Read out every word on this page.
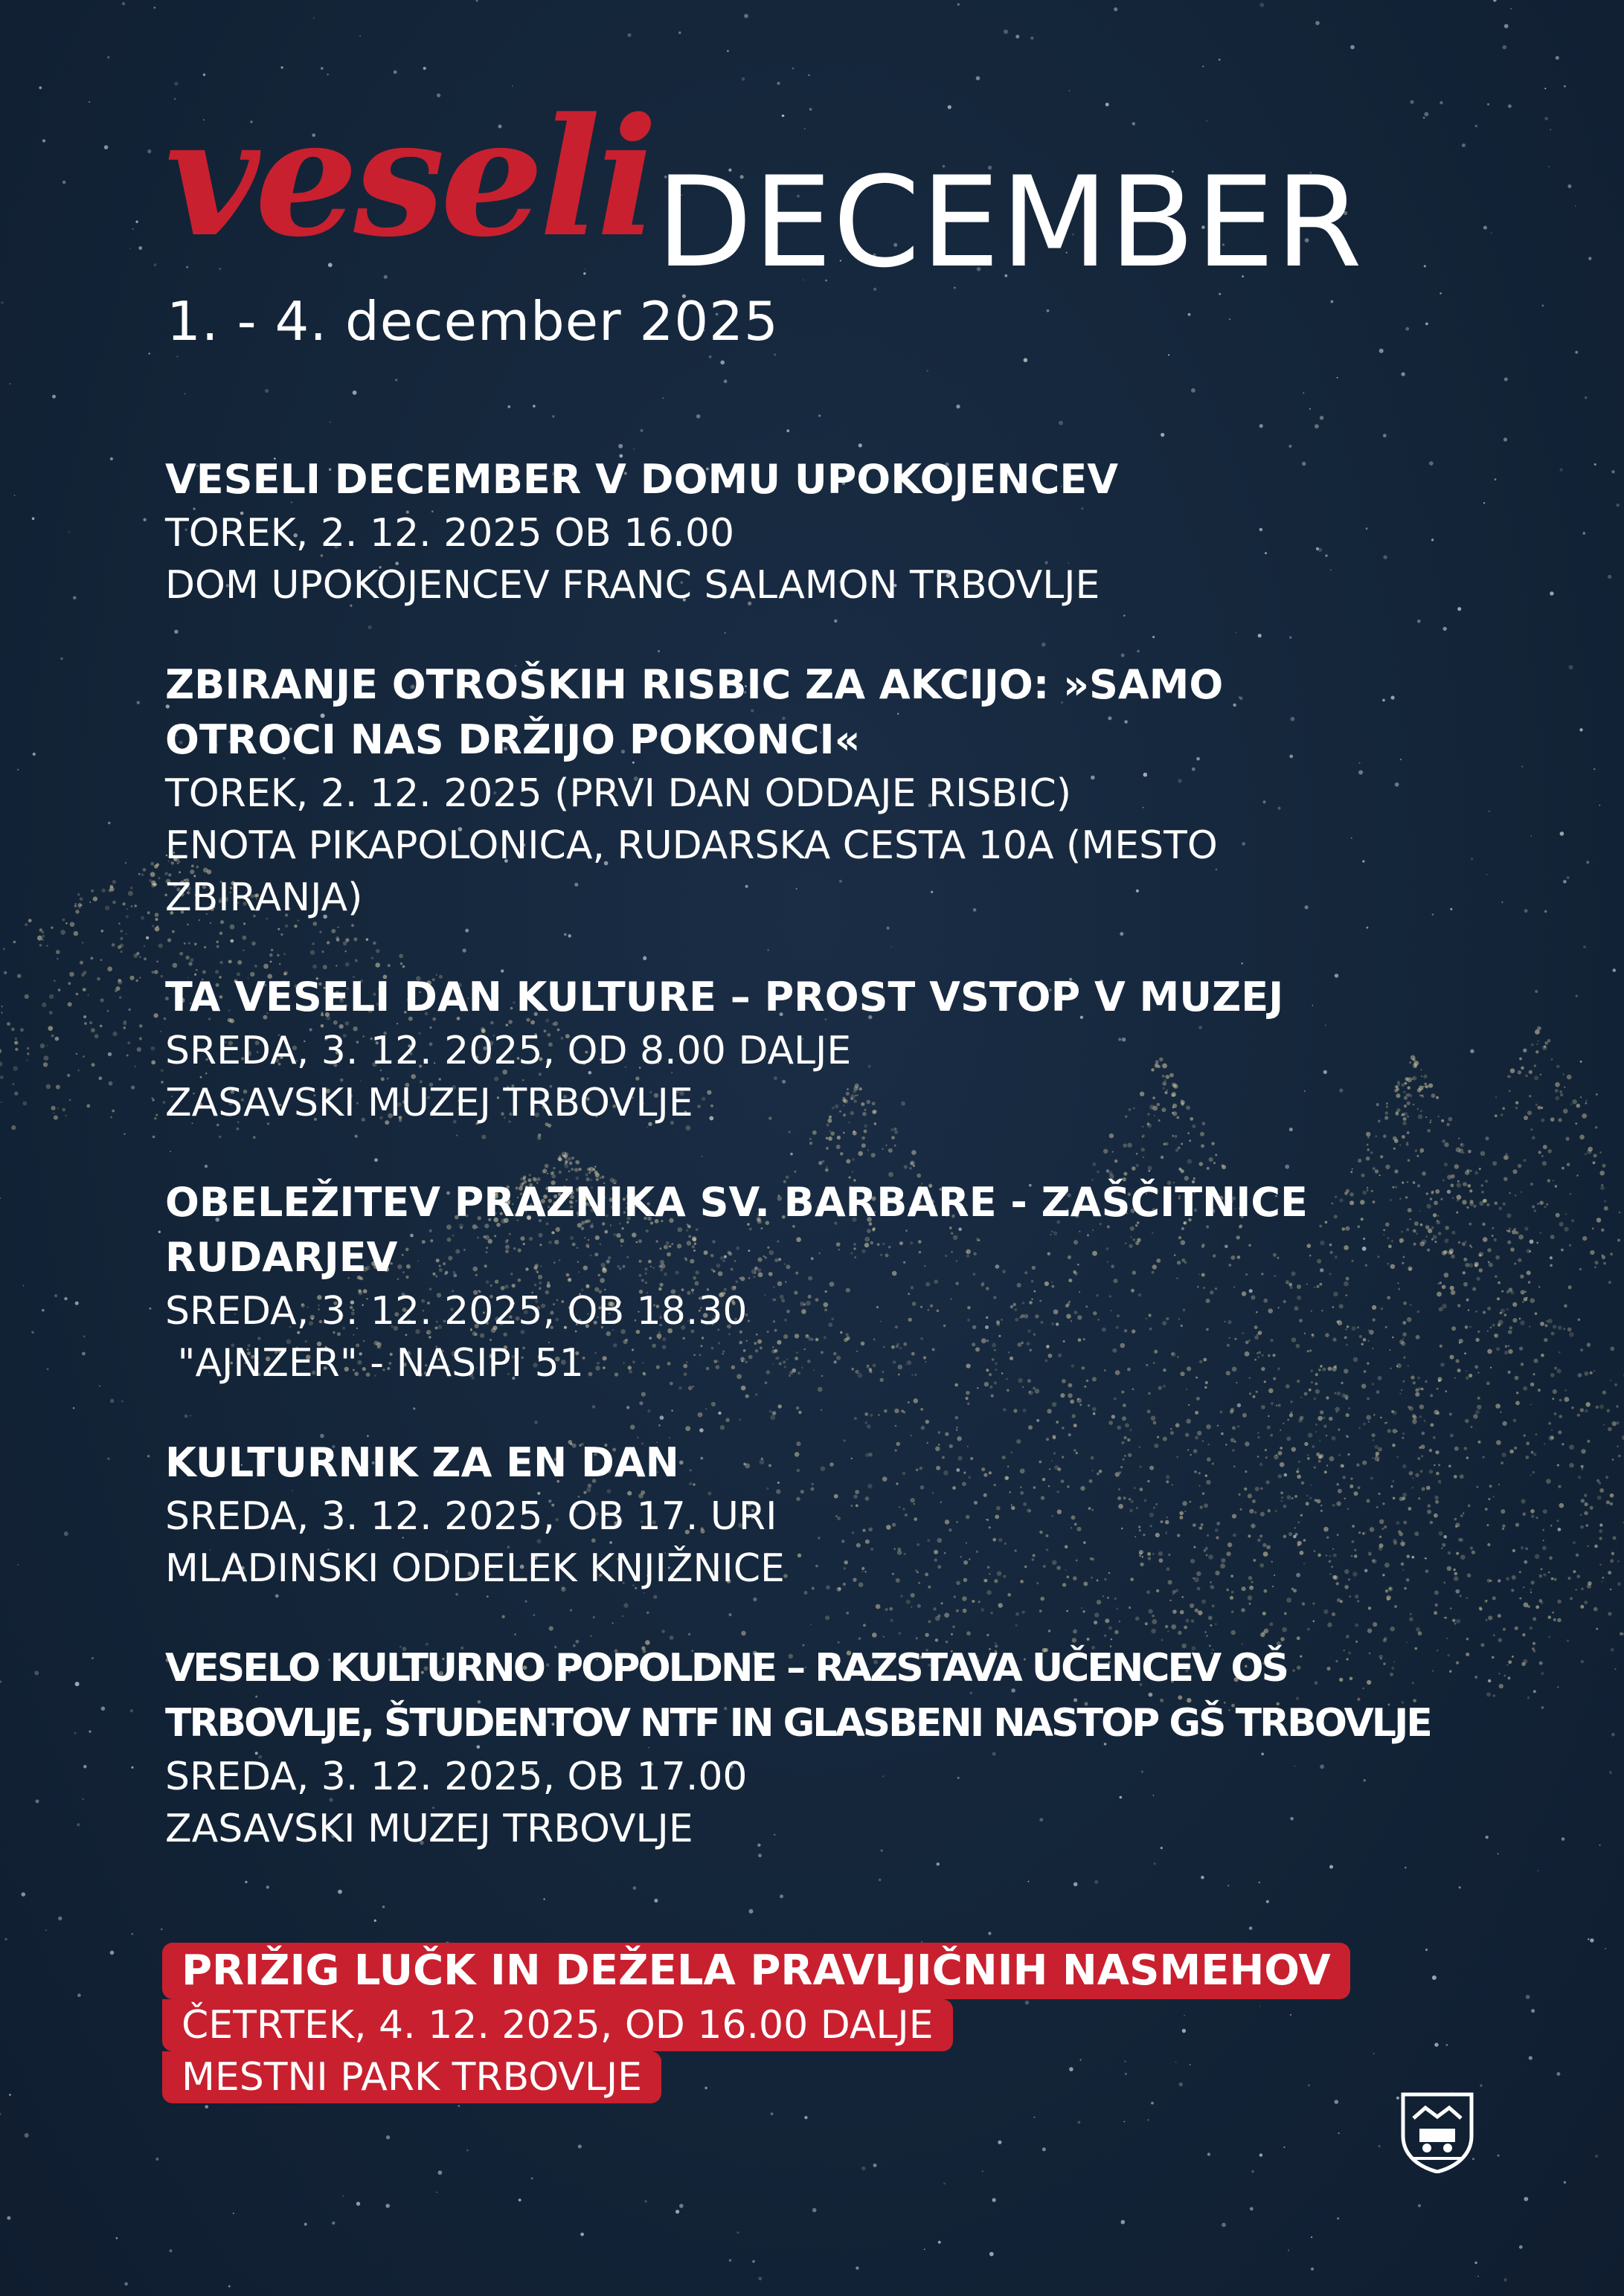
veseli DECEMBER
1. - 4. december 2025
VESELI DECEMBER V DOMU UPOKOJENCEV
TOREK, 2. 12. 2025 OB 16.00
DOM UPOKOJENCEV FRANC SALAMON TRBOVLJE
ZBIRANJE OTROŠKIH RISBIC ZA AKCIJO: »SAMO
OTROCI NAS DRŽIJO POKONCI«
TOREK, 2. 12. 2025 (PRVI DAN ODDAJE RISBIC)
ENOTA PIKAPOLONICA, RUDARSKA CESTA 10A (MESTO
ZBIRANJA)
TA VESELI DAN KULTURE – PROST VSTOP V MUZEJ
SREDA, 3. 12. 2025, OD 8.00 DALJE
ZASAVSKI MUZEJ TRBOVLJE
OBELEŽITEV PRAZNIKA SV. BARBARE - ZAŠČITNICE
RUDARJEV
SREDA, 3. 12. 2025, OB 18.30
"AJNZER" - NASIPI 51
KULTURNIK ZA EN DAN
SREDA, 3. 12. 2025, OB 17. URI
MLADINSKI ODDELEK KNJIŽNICE
VESELO KULTURNO POPOLDNE – RAZSTAVA UČENCEV OŠ
TRBOVLJE, ŠTUDENTOV NTF IN GLASBENI NASTOP GŠ TRBOVLJE
SREDA, 3. 12. 2025, OB 17.00
ZASAVSKI MUZEJ TRBOVLJE
PRIŽIG LUČK IN DEŽELA PRAVLJIČNIH NASMEHOV
ČETRTEK, 4. 12. 2025, OD 16.00 DALJE
MESTNI PARK TRBOVLJE
